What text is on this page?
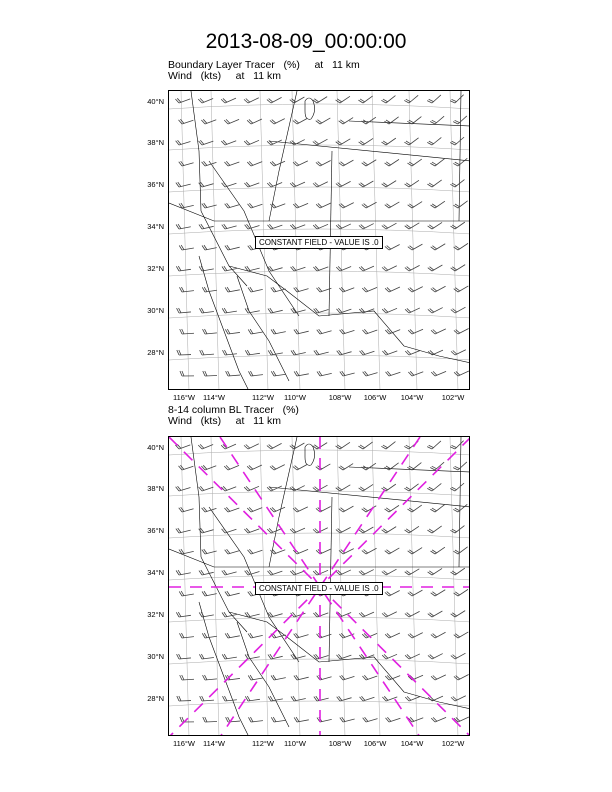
2013-08-09_00:00:00
Boundary Layer Tracer   (%)     at   11 km
Wind   (kts)     at   11 km
CONSTANT FIELD - VALUE IS .0
40°N
38°N
36°N
34°N
32°N
30°N
28°N
116°W	114°W	112°W	110°W	108°W	106°W	104°W	102°W
8-14 column BL Tracer   (%)
Wind   (kts)     at   11 km
CONSTANT FIELD - VALUE IS .0
40°N
38°N
36°N
34°N
32°N
30°N
28°N
116°W	114°W	112°W	110°W	108°W	106°W	104°W	102°W
